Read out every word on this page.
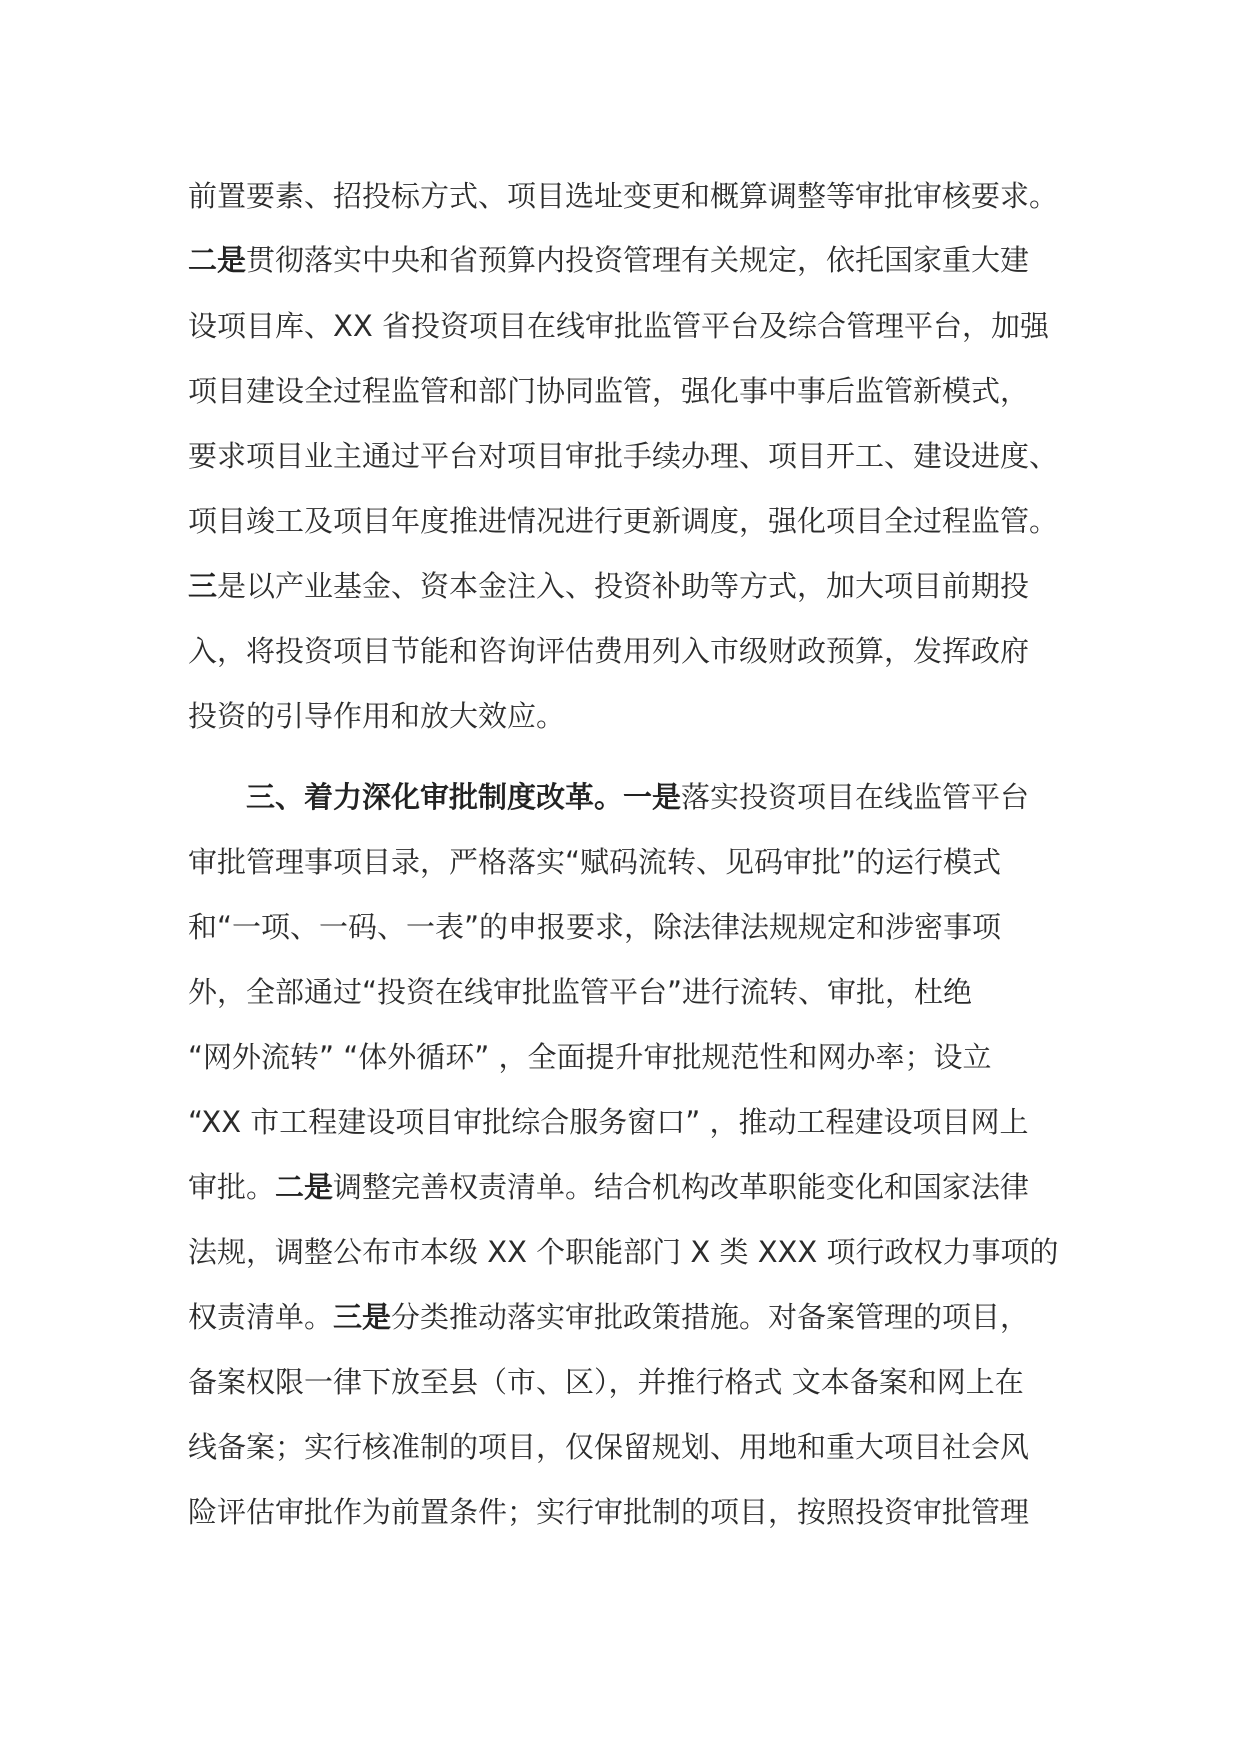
前置要素、招投标方式、项目选址变更和概算调整等审批审核要求。
二是贯彻落实中央和省预算内投资管理有关规定，依托国家重大建
设项目库、XX 省投资项目在线审批监管平台及综合管理平台，加强
项目建设全过程监管和部门协同监管，强化事中事后监管新模式，
要求项目业主通过平台对项目审批手续办理、项目开工、建设进度、
项目竣工及项目年度推进情况进行更新调度，强化项目全过程监管。
三是以产业基金、资本金注入、投资补助等方式，加大项目前期投
入，将投资项目节能和咨询评估费用列入市级财政预算，发挥政府
投资的引导作用和放大效应。
三、着力深化审批制度改革。一是落实投资项目在线监管平台
审批管理事项目录，严格落实“赋码流转、见码审批”的运行模式
和“一项、一码、一表”的申报要求，除法律法规规定和涉密事项
外，全部通过“投资在线审批监管平台”进行流转、审批，杜绝
“网外流转” “体外循环” ，全面提升审批规范性和网办率；设立
“XX 市工程建设项目审批综合服务窗口” ，推动工程建设项目网上
审批。二是调整完善权责清单。结合机构改革职能变化和国家法律
法规，调整公布市本级 XX 个职能部门 X 类 XXX 项行政权力事项的
权责清单。三是分类推动落实审批政策措施。对备案管理的项目，
备案权限一律下放至县（市、区），并推行格式 文本备案和网上在
线备案；实行核准制的项目，仅保留规划、用地和重大项目社会风
险评估审批作为前置条件；实行审批制的项目，按照投资审批管理
